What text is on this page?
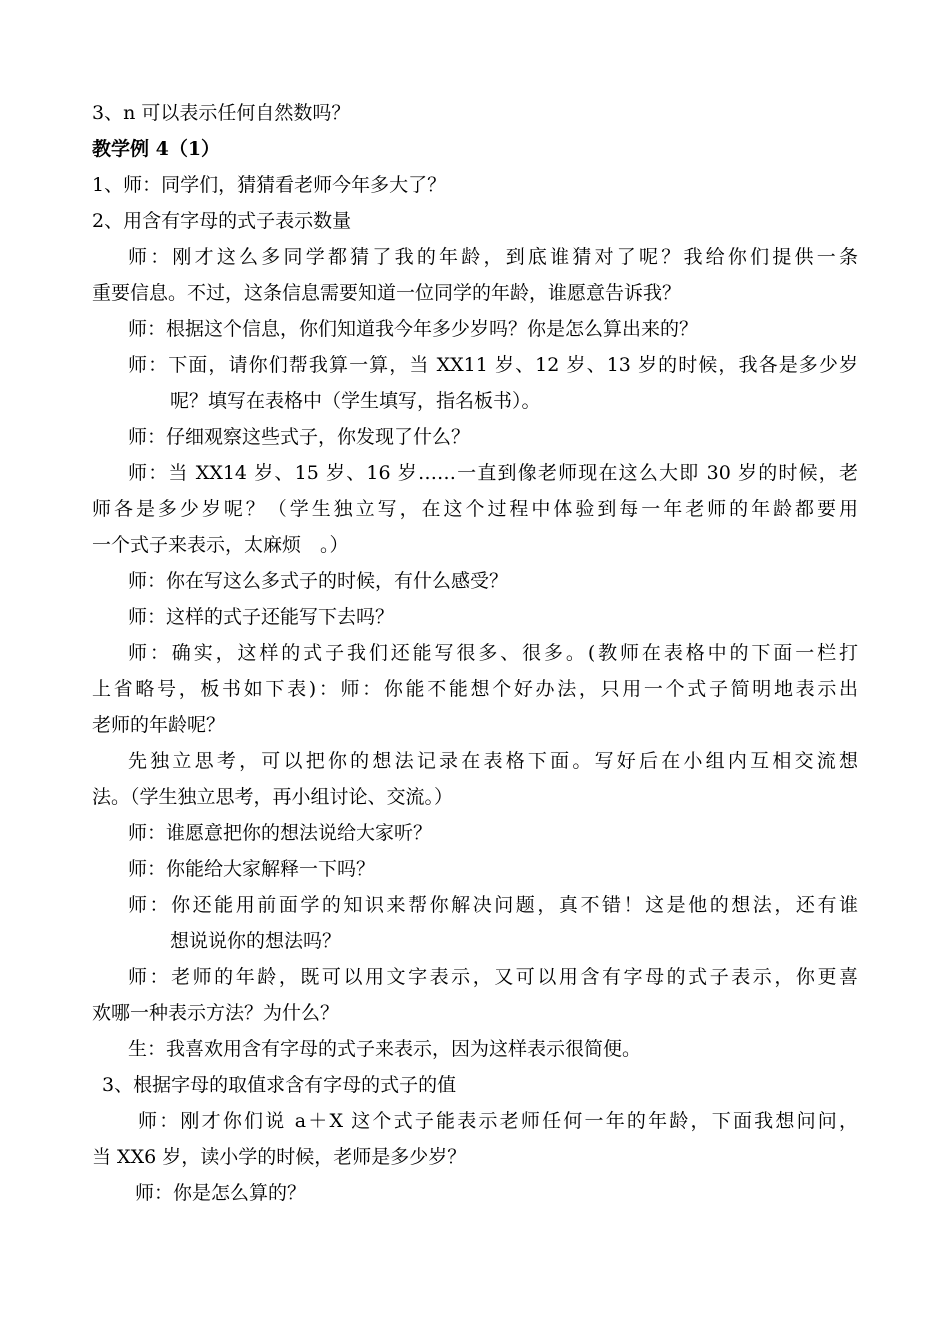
3、n 可以表示任何自然数吗？
教学例 4（1）
1、师：同学们，猜猜看老师今年多大了？
2、用含有字母的式子表示数量
师：刚才这么多同学都猜了我的年龄，到底谁猜对了呢？我给你们提供一条
重要信息。不过，这条信息需要知道一位同学的年龄，谁愿意告诉我？
师：根据这个信息，你们知道我今年多少岁吗？你是怎么算出来的？
师：下面，请你们帮我算一算，当 XX11 岁、12 岁、13 岁的时候，我各是多少岁
呢？填写在表格中（学生填写，指名板书）。
师：仔细观察这些式子，你发现了什么？
师：当 XX14 岁、15 岁、16 岁……一直到像老师现在这么大即 30 岁的时候，老
师各是多少岁呢？（学生独立写，在这个过程中体验到每一年老师的年龄都要用
一个式子来表示，太麻烦　。）
师：你在写这么多式子的时候，有什么感受？
师：这样的式子还能写下去吗？
师：确实，这样的式子我们还能写很多、很多。(教师在表格中的下面一栏打
上省略号，板书如下表)：师：你能不能想个好办法，只用一个式子简明地表示出
老师的年龄呢？
先独立思考，可以把你的想法记录在表格下面。写好后在小组内互相交流想
法。（学生独立思考，再小组讨论、交流。）
师：谁愿意把你的想法说给大家听？
师：你能给大家解释一下吗？
师：你还能用前面学的知识来帮你解决问题，真不错！这是他的想法，还有谁
想说说你的想法吗？
师：老师的年龄，既可以用文字表示，又可以用含有字母的式子表示，你更喜
欢哪一种表示方法？为什么？
生：我喜欢用含有字母的式子来表示，因为这样表示很简便。
3、根据字母的取值求含有字母的式子的值
师：刚才你们说 a＋X 这个式子能表示老师任何一年的年龄，下面我想问问，
当 XX6 岁，读小学的时候，老师是多少岁？
师：你是怎么算的？
